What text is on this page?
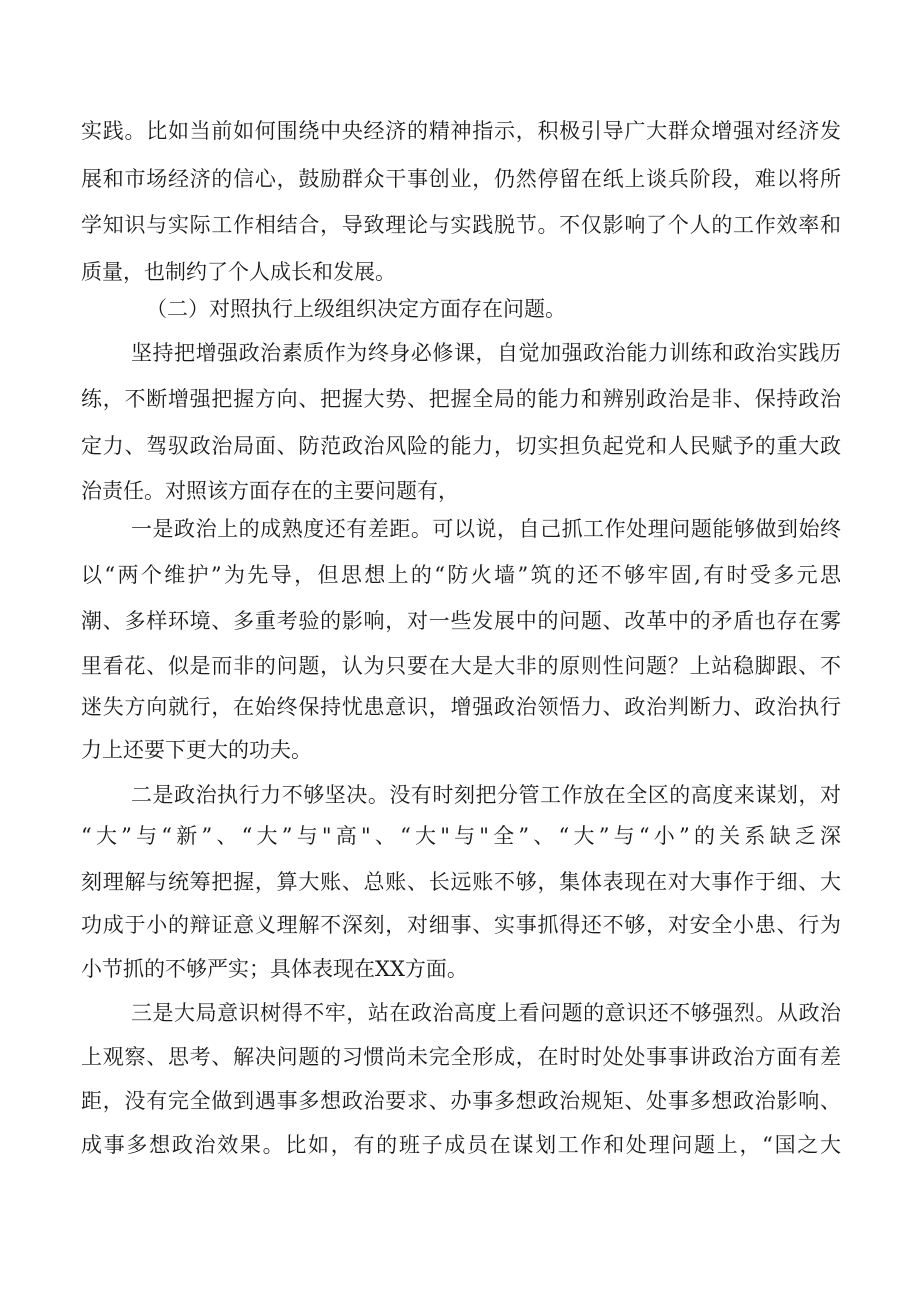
实践。比如当前如何围绕中央经济的精神指示，积极引导广大群众增强对经济发
展和市场经济的信心，鼓励群众干事创业，仍然停留在纸上谈兵阶段，难以将所
学知识与实际工作相结合，导致理论与实践脱节。不仅影响了个人的工作效率和
质量，也制约了个人成长和发展。
（二）对照执行上级组织决定方面存在问题。
坚持把增强政治素质作为终身必修课，自觉加强政治能力训练和政治实践历
练，不断增强把握方向、把握大势、把握全局的能力和辨别政治是非、保持政治
定力、驾驭政治局面、防范政治风险的能力，切实担负起党和人民赋予的重大政
治责任。对照该方面存在的主要问题有，
一是政治上的成熟度还有差距。可以说，自己抓工作处理问题能够做到始终
以“两个维护”为先导，但思想上的“防火墙”筑的还不够牢固,有时受多元思
潮、多样环境、多重考验的影响，对一些发展中的问题、改革中的矛盾也存在雾
里看花、似是而非的问题，认为只要在大是大非的原则性问题？上站稳脚跟、不
迷失方向就行，在始终保持忧患意识，增强政治领悟力、政治判断力、政治执行
力上还要下更大的功夫。
二是政治执行力不够坚决。没有时刻把分管工作放在全区的高度来谋划，对
“大”与“新”、“大”与"高"、“大"与"全”、“大”与“小”的关系缺乏深
刻理解与统筹把握，算大账、总账、长远账不够，集体表现在对大事作于细、大
功成于小的辩证意义理解不深刻，对细事、实事抓得还不够，对安全小患、行为
小节抓的不够严实；具体表现在XX方面。
三是大局意识树得不牢，站在政治高度上看问题的意识还不够强烈。从政治
上观察、思考、解决问题的习惯尚未完全形成，在时时处处事事讲政治方面有差
距，没有完全做到遇事多想政治要求、办事多想政治规矩、处事多想政治影响、
成事多想政治效果。比如，有的班子成员在谋划工作和处理问题上，“国之大
